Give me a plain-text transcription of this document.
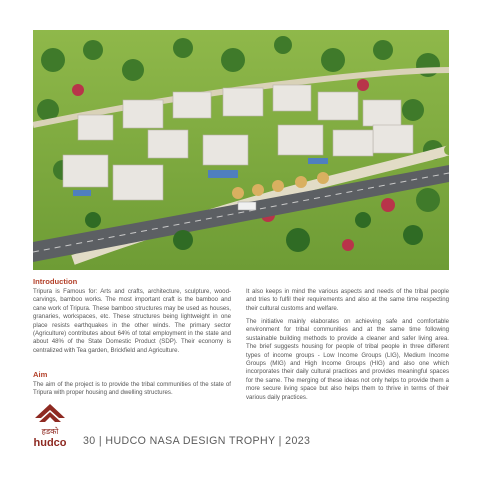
Introduction

Tripura is Famous for: Arts and crafts, architecture, sculpture, wood-carvings, bamboo works. The most important craft is the bamboo and cane work of Tripura. These bamboo structures may be used as houses, granaries, workspaces, etc. These structures being lightweight in one place resists earthquakes in the other winds. The primary sector (Agriculture) contributes about 64% of total employment in the state and about 48% of the State Domestic Product (SDP). Their economy is centralized with Tea garden, Brickfield and Agriculture.

Aim

The aim of the project is to provide the tribal communities of the state of Tripura with proper housing and dwelling structures.

It also keeps in mind the various aspects and needs of the tribal people and tries to fulfil their requirements and also at the same time respecting their cultural customs and welfare.

The initiative mainly elaborates on achieving safe and comfortable environment for tribal communities and at the same time following sustainable building methods to provide a cleaner and safer living area. The brief suggests housing for people of tribal people in three different types of income groups - Low Income Groups (LIG), Medium Income Groups (MIG) and High Income Groups (HIG) and also one which incorporates their daily cultural practices and provides meaningful spaces for the same. The merging of these ideas not only helps to provide them a more secure living space but also helps them to thrive in terms of their various daily practices.

हडको
hudco 30 | HUDCO NASA DESIGN TROPHY | 2023
